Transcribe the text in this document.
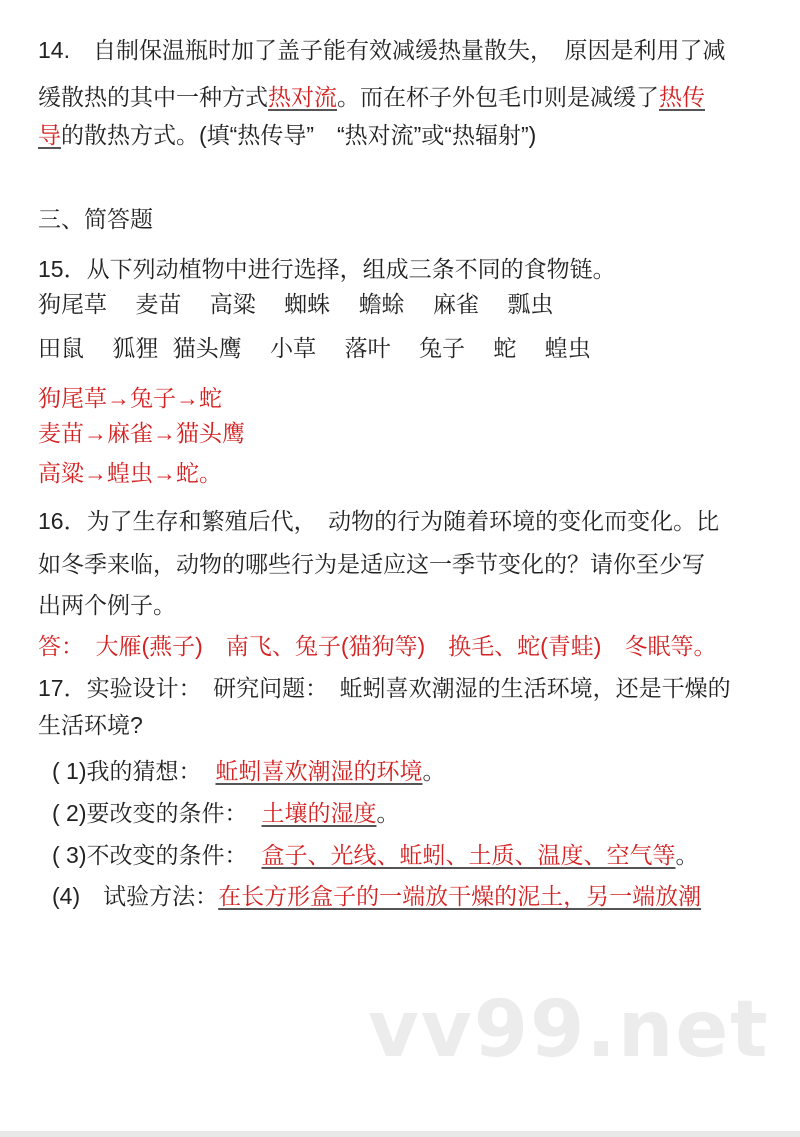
14.　自制保温瓶时加了盖子能有效减缓热量散失，　原因是利用了减
缓散热的其中一种方式热对流。而在杯子外包毛巾则是减缓了热传
导的散热方式。(填“热传导”　“热对流”或“热辐射”)
三、简答题
15．从下列动植物中进行选择，组成三条不同的食物链。
狗尾草 麦苗 高粱 蜘蛛 蟾蜍 麻雀 瓢虫
田鼠 狐狸 猫头鹰 小草 落叶 兔子 蛇 蝗虫
狗尾草→兔子→蛇
麦苗→麻雀→猫头鹰
高粱→蝗虫→蛇。
16．为了生存和繁殖后代，　动物的行为随着环境的变化而变化。比
如冬季来临，动物的哪些行为是适应这一季节变化的？请你至少写
出两个例子。
答：　大雁(燕子)　南飞、兔子(猫狗等)　换毛、蛇(青蛙)　冬眠等。
17．实验设计：　研究问题：　蚯蚓喜欢潮湿的生活环境，还是干燥的
生活环境?
( 1)我的猜想： 蚯蚓喜欢潮湿的环境。
( 2)要改变的条件： 土壤的湿度。
( 3)不改变的条件： 盒子、光线、蚯蚓、土质、温度、空气等。
(4)　试验方法：在长方形盒子的一端放干燥的泥土，另一端放潮
vv99.net
